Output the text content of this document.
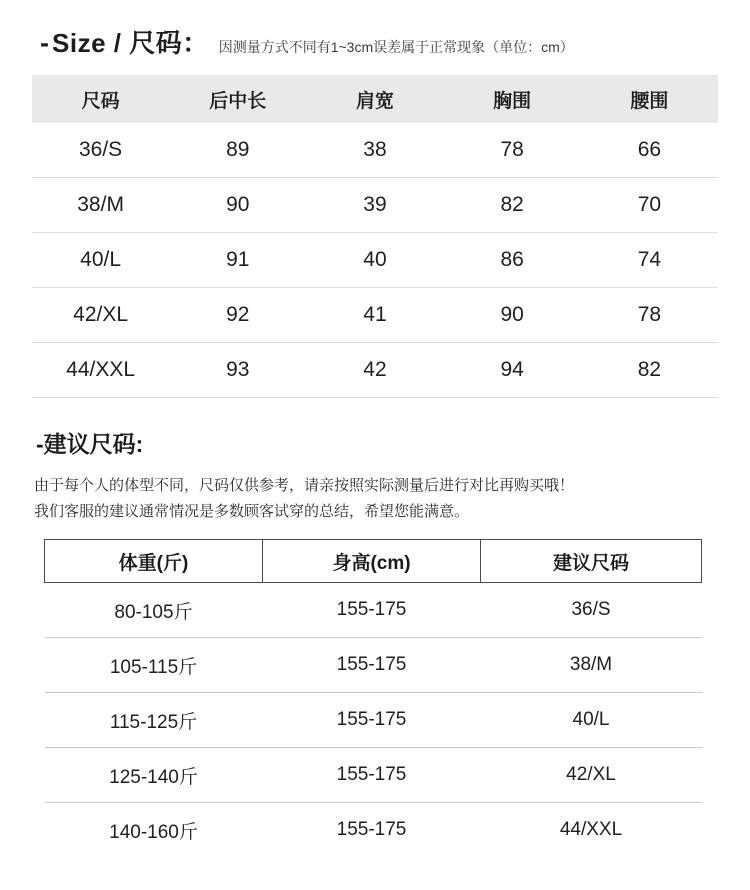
- Size / 尺码： 因测量方式不同有1~3cm误差属于正常现象（单位：cm）
尺码	后中长	肩宽	胸围	腰围
36/S	89	38	78	66
38/M	90	39	82	70
40/L	91	40	86	74
42/XL	92	41	90	78
44/XXL	93	42	94	82
-建议尺码:
由于每个人的体型不同，尺码仅供参考，请亲按照实际测量后进行对比再购买哦！
我们客服的建议通常情况是多数顾客试穿的总结，希望您能满意。
体重(斤)	身高(cm)	建议尺码
80-105斤	155-175	36/S
105-115斤	155-175	38/M
115-125斤	155-175	40/L
125-140斤	155-175	42/XL
140-160斤	155-175	44/XXL
